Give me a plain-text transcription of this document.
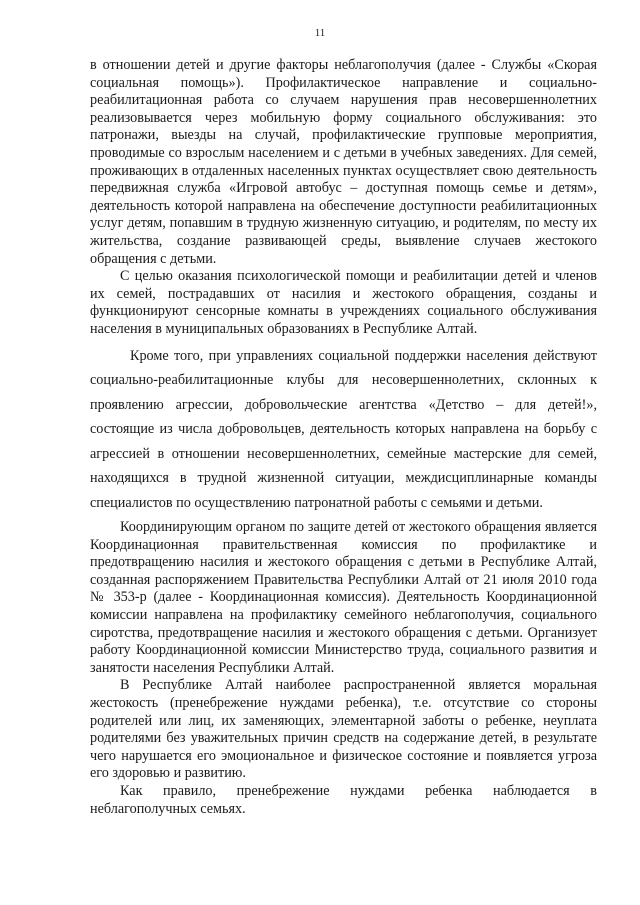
11

в отношении детей и другие факторы неблагополучия (далее - Службы «Скорая социальная помощь»). Профилактическое направление и социально-реабилитационная работа со случаем нарушения прав несовершеннолетних реализовывается через мобильную форму социального обслуживания: это патронажи, выезды на случай, профилактические групповые мероприятия, проводимые со взрослым населением и с детьми в учебных заведениях. Для семей, проживающих в отдаленных населенных пунктах осуществляет свою деятельность передвижная служба «Игровой автобус – доступная помощь семье и детям», деятельность которой направлена на обеспечение доступности реабилитационных услуг детям, попавшим в трудную жизненную ситуацию, и родителям, по месту их жительства, создание развивающей среды, выявление случаев жестокого обращения с детьми.

С целью оказания психологической помощи и реабилитации детей и членов их семей, пострадавших от насилия и жестокого обращения, созданы и функционируют сенсорные комнаты в учреждениях социального обслуживания населения в муниципальных образованиях в Республике Алтай.

Кроме того, при управлениях социальной поддержки населения действуют социально-реабилитационные клубы для несовершеннолетних, склонных к проявлению агрессии, добровольческие агентства «Детство – для детей!», состоящие из числа добровольцев, деятельность которых направлена на борьбу с агрессией в отношении несовершеннолетних, семейные мастерские для семей, находящихся в трудной жизненной ситуации, междисциплинарные команды специалистов по осуществлению патронатной работы с семьями и детьми.

Координирующим органом по защите детей от жестокого обращения является Координационная правительственная комиссия по профилактике и предотвращению насилия и жестокого обращения с детьми в Республике Алтай, созданная распоряжением Правительства Республики Алтай от 21 июля 2010 года № 353-р (далее - Координационная комиссия). Деятельность Координационной комиссии направлена на профилактику семейного неблагополучия, социального сиротства, предотвращение насилия и жестокого обращения с детьми. Организует работу Координационной комиссии Министерство труда, социального развития и занятости населения Республики Алтай.

В Республике Алтай наиболее распространенной является моральная жестокость (пренебрежение нуждами ребенка), т.е. отсутствие со стороны родителей или лиц, их заменяющих, элементарной заботы о ребенке, неуплата родителями без уважительных причин средств на содержание детей, в результате чего нарушается его эмоциональное и физическое состояние и появляется угроза его здоровью и развитию.

Как правило, пренебрежение нуждами ребенка наблюдается в неблагополучных семьях.
